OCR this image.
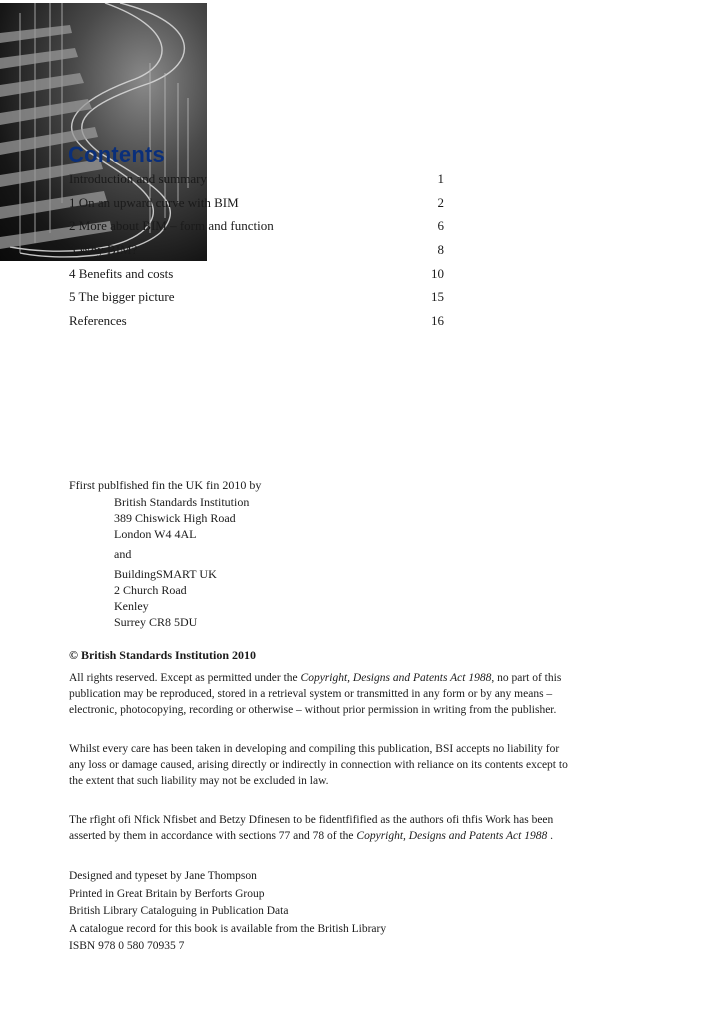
Contents
Introduction and summary	1
1 On an upward curve with BIM	2
2 More about BIM – form and function	6
3 Why BIM?	8
4 Benefits and costs	10
5 The bigger picture	15
References	16
Ffirst publfished fin the UK fin 2010 by
British Standards Institution
389 Chiswick High Road
London W4 4AL
and
BuildingSMART UK
2 Church Road
Kenley
Surrey CR8 5DU
© British Standards Institution 2010
All rights reserved. Except as permitted under the Copyright, Designs and Patents Act 1988, no part of this publication may be reproduced, stored in a retrieval system or transmitted in any form or by any means – electronic, photocopying, recording or otherwise – without prior permission in writing from the publisher.
Whilst every care has been taken in developing and compiling this publication, BSI accepts no liability for any loss or damage caused, arising directly or indirectly in connection with reliance on its contents except to the extent that such liability may not be excluded in law.
The rfight ofi Nfick Nfisbet and Betzy Dfinesen to be fidentfifified as the authors ofi thfis Work has been asserted by them in accordance with sections 77 and 78 of the Copyright, Designs and Patents Act 1988 .
Designed and typeset by Jane Thompson
Printed in Great Britain by Berforts Group
British Library Cataloguing in Publication Data
A catalogue record for this book is available from the British Library
ISBN 978 0 580 70935 7
